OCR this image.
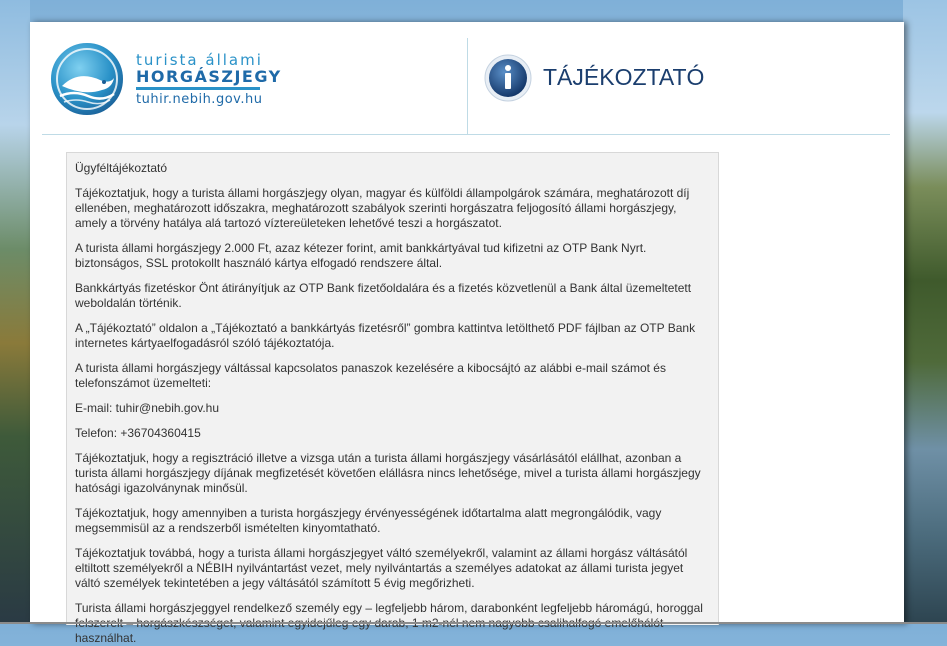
turista állami
HORGÁSZJEGY
tuhir.nebih.gov.hu
TÁJÉKOZTATÓ

Ügyféltájékoztató

Tájékoztatjuk, hogy a turista állami horgászjegy olyan, magyar és külföldi állampolgárok számára, meghatározott díj ellenében, meghatározott időszakra, meghatározott szabályok szerinti horgászatra feljogosító állami horgászjegy, amely a törvény hatálya alá tartozó víztereületeken lehetővé teszi a horgászatot.

A turista állami horgászjegy 2.000 Ft, azaz kétezer forint, amit bankkártyával tud kifizetni az OTP Bank Nyrt. biztonságos, SSL protokollt használó kártya elfogadó rendszere által.

Bankkártyás fizetéskor Önt átirányítjuk az OTP Bank fizetőoldalára és a fizetés közvetlenül a Bank által üzemeltetett weboldalán történik.

A „Tájékoztató” oldalon a „Tájékoztató a bankkártyás fizetésről” gombra kattintva letölthető PDF fájlban az OTP Bank internetes kártyaelfogadásról szóló tájékoztatója.

A turista állami horgászjegy váltással kapcsolatos panaszok kezelésére a kibocsájtó az alábbi e-mail számot és telefonszámot üzemelteti:

E-mail: tuhir@nebih.gov.hu

Telefon: +36704360415

Tájékoztatjuk, hogy a regisztráció illetve a vizsga után a turista állami horgászjegy vásárlásától elállhat, azonban a turista állami horgászjegy díjának megfizetését követően elállásra nincs lehetősége, mivel a turista állami horgászjegy hatósági igazolványnak minősül.

Tájékoztatjuk, hogy amennyiben a turista horgászjegy érvényességének időtartalma alatt megrongálódik, vagy megsemmisül az a rendszerből ismételten kinyomtatható.

Tájékoztatjuk továbbá, hogy a turista állami horgászjegyet váltó személyekről, valamint az állami horgász váltásától eltiltott személyekről a NÉBIH nyilvántartást vezet, mely nyilvántartás a személyes adatokat az állami turista jegyet váltó személyek tekintetében a jegy váltásától számított 5 évig megőrizheti.

Turista állami horgászjeggyel rendelkező személy egy – legfeljebb három, darabonként legfeljebb háromágú, horoggal használhat.
